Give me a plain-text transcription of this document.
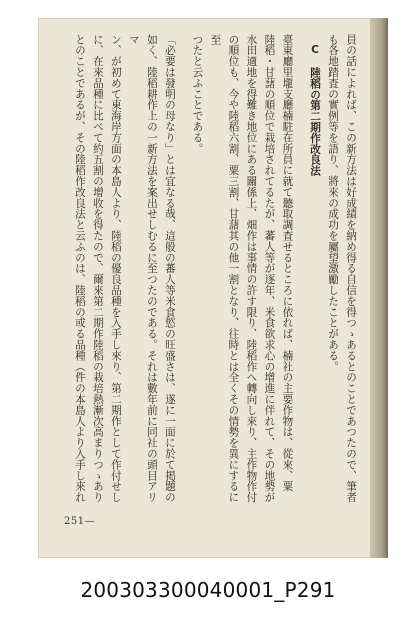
員の話によれば、この新方法は好成績を納め得る自信を得つゝあるとのことであつたので、筆者

も各地踏査の實例等を語り、將來の成功を屬望激勵したことがある。

C　陸稻の第二期作改良法

臺東廳里壠支廳楠駐在所員に就て聽取調査せるところに依れば、楠社の主要作物は、從來、粟

陸稻・甘藷の順位で栽培されてるたが、蕃人等が逐年、米食欲求心の增進に伴れて、その地勢が

水田適地を得難き地位にある關係上、畑作は事情の許す限り、陸稻作へ轉向し來り、主作物作付

の順位も、今や陸稻六割、粟三割、甘藷其の他一割となり、往時とは全くその情勢を異にするに至

つたと云ふことである。

「必要は發明の母なり」とは宜なる哉、這般の蕃人等米食慾の旺盛さは、遂に一面に於て掲題の

如く、陸稻耕作上の一新方法を案出せしむるに至つたのである。それは數年前に同社の頭目アリマ

ン、が初めて東海岸方面の本島人より、陸稻の優良品種を入手し來り、第二期作として作付せし

に、在來品種に比べて約五割の增收を得たので、爾來第二期作陸稻の栽培熱漸次高まりつゝあり

とのことであるが、その陸稻作改良法と云ふのは、陸稻の或る品種（件の本島人より入手し來れ

251—
200303300040001_P291
